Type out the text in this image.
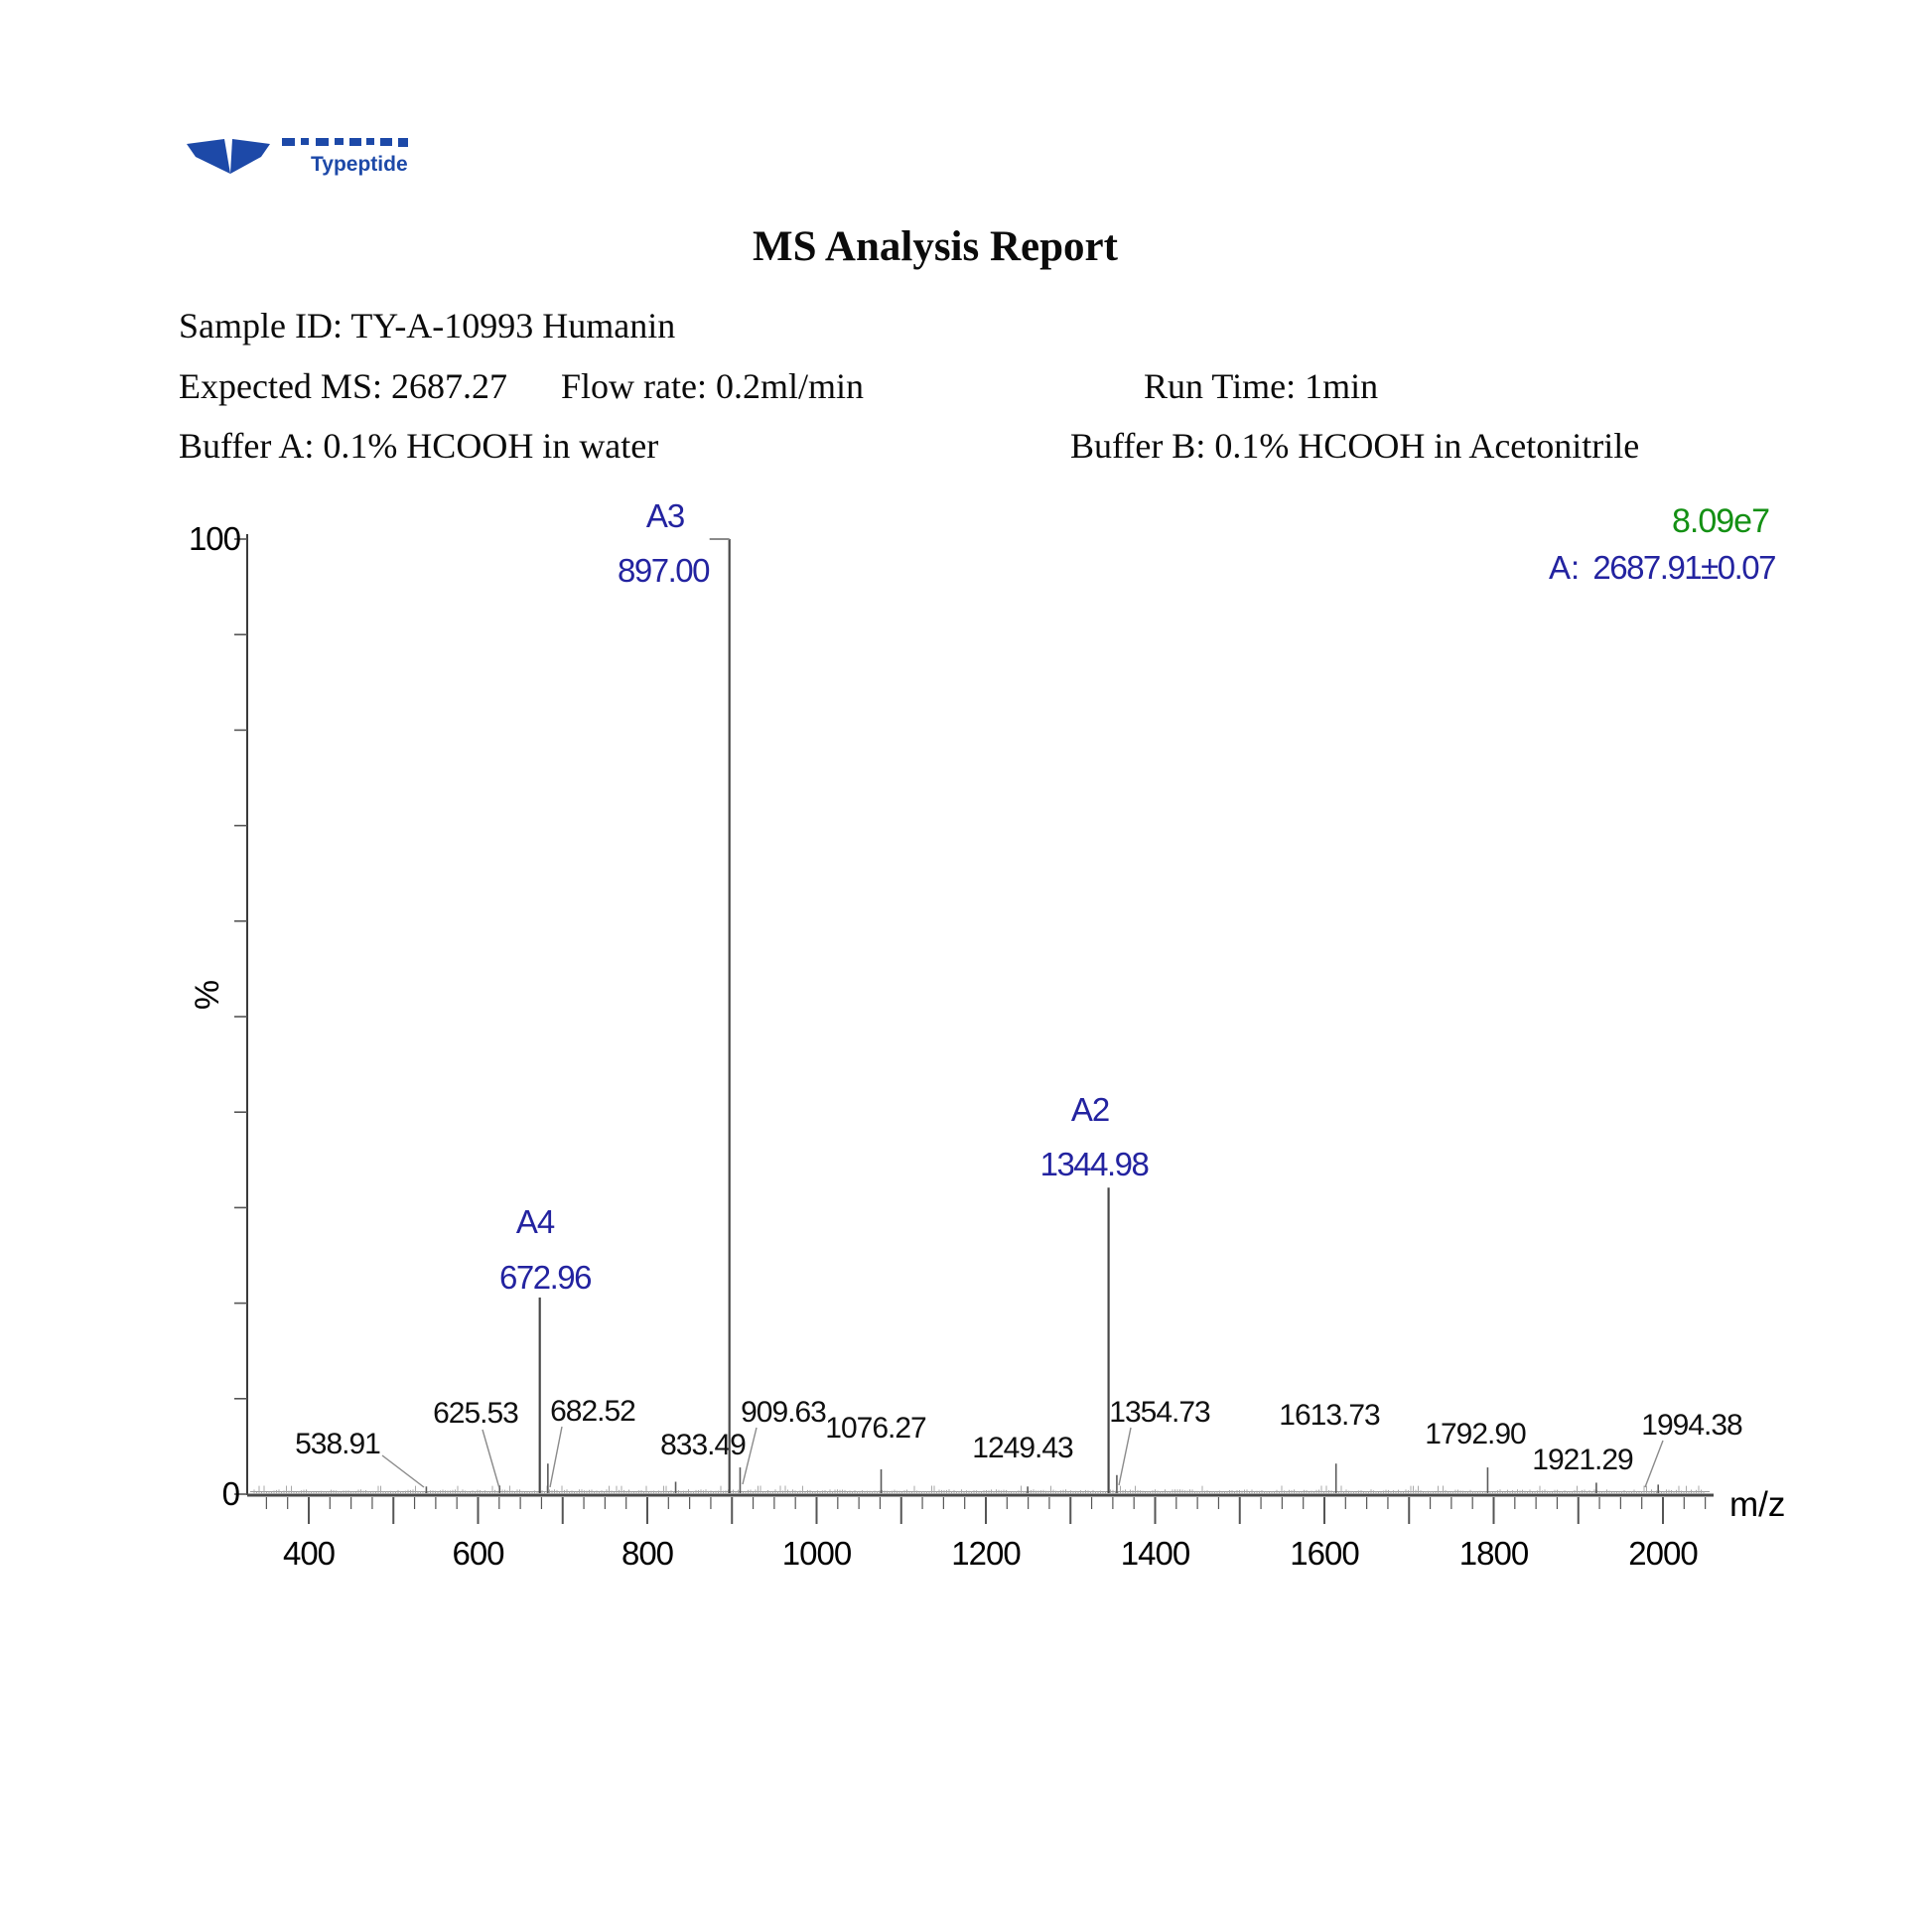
Typeptide
MS Analysis Report
Sample ID: TY-A-10993 Humanin
Expected MS: 2687.27 Flow rate: 0.2ml/min	Run Time: 1min
Buffer A: 0.1% HCOOH in water	Buffer B: 0.1% HCOOH in Acetonitrile
400	600	800	1000	1200	1400	1600	1800	2000
m/z
100
0
%
538.91
625.53 682.52
833.49
909.63 1076.27
1249.43
1354.73 1613.73
1792.90
1921.29
1994.38
A4
672.96
A3
897.00
A2
1344.98
8.09e7
A: 2687.91±0.07
